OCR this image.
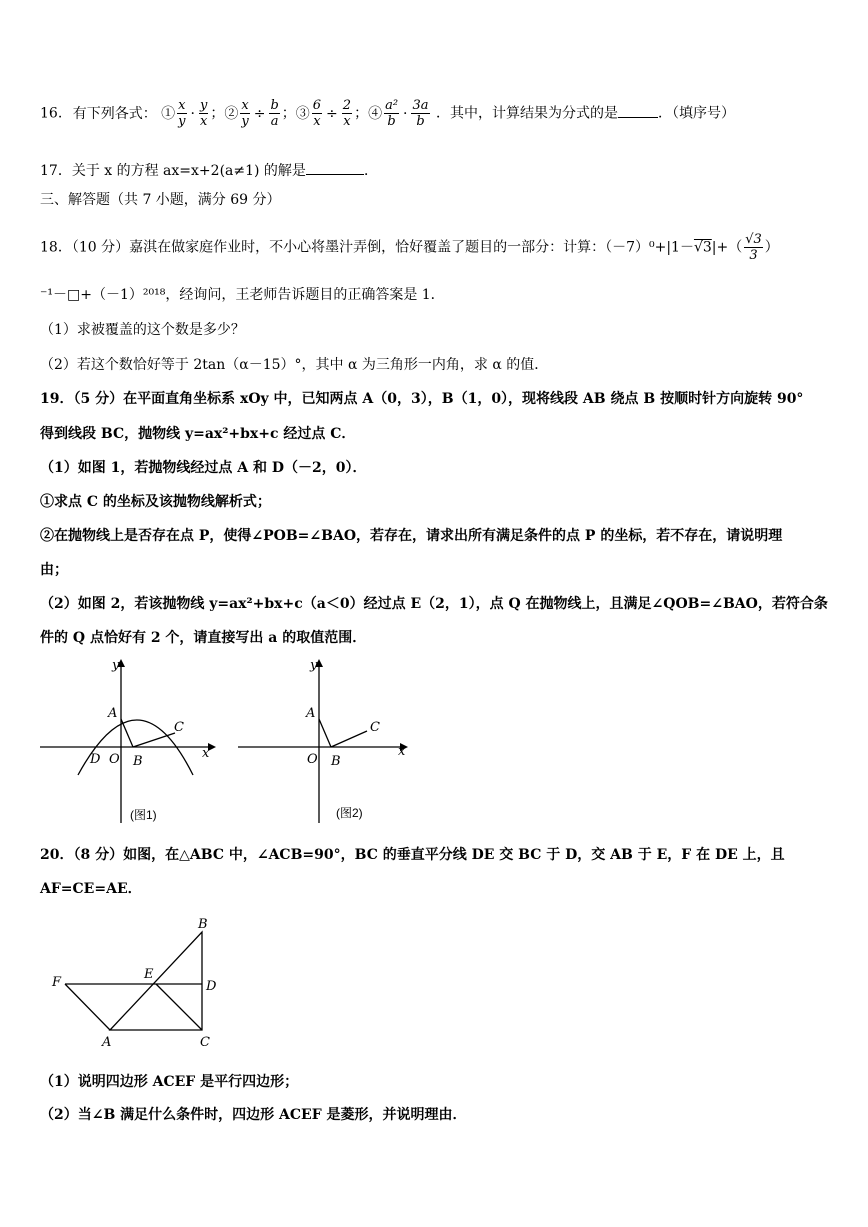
16. 有下列各式： ① $\frac{x}{y} \cdot \frac{y}{x}$ ；② $\frac{x}{y} \div \frac{b}{a}$ ；③ $\frac{6}{x} \div \frac{2}{x}$ ；④ $\frac{\text{a²}}{b} \cdot \frac{3a}{b}$ ．其中，计算结果为分式的是	．（填序号）
17．关于 x 的方程 ax=x+2(a≠1) 的解是	．
三、解答题（共 7 小题，满分 69 分）
18．（10 分）嘉淇在做家庭作业时，不小心将墨汁弄倒，恰好覆盖了题目的一部分：计算：$(-7)^0+|1-√3|+( \frac{√3}{3}$ ）
⁻¹－□+（－1）²⁰¹⁸，经询问，王老师告诉题目的正确答案是 1．
（1）求被覆盖的这个数是多少？
（2）若这个数恰好等于 2tan（α－15）°，其中 α 为三角形一内角，求 α 的值．
19．（5 分）在平面直角坐标系 xOy 中，已知两点 A（0，3），B（1，0），现将线段 AB 绕点 B 按顺时针方向旋转 90°
得到线段 BC，抛物线 y=ax²+bx+c 经过点 C．
（1）如图 1，若抛物线经过点 A 和 D（－2，0）．
①求点 C 的坐标及该抛物线解析式；
②在抛物线上是否存在点 P，使得∠POB=∠BAO，若存在，请求出所有满足条件的点 P 的坐标，若不存在，请说明理
由；
（2）如图 2，若该抛物线 y=ax²+bx+c（a＜0）经过点 E（2，1），点 Q 在抛物线上，且满足∠QOB=∠BAO，若符合条
件的 Q 点恰好有 2 个，请直接写出 a 的取值范围．
y
x
A
C
D O B
(图1)
y
x
A
C
O B
(图2)
20．（8 分）如图，在△ABC 中，∠ACB=90°，BC 的垂直平分线 DE 交 BC 于 D，交 AB 于 E，F 在 DE 上，且
AF=CE=AE．
B
E
D
F
A	C
（1）说明四边形 ACEF 是平行四边形；
（2）当∠B 满足什么条件时，四边形 ACEF 是菱形，并说明理由．
